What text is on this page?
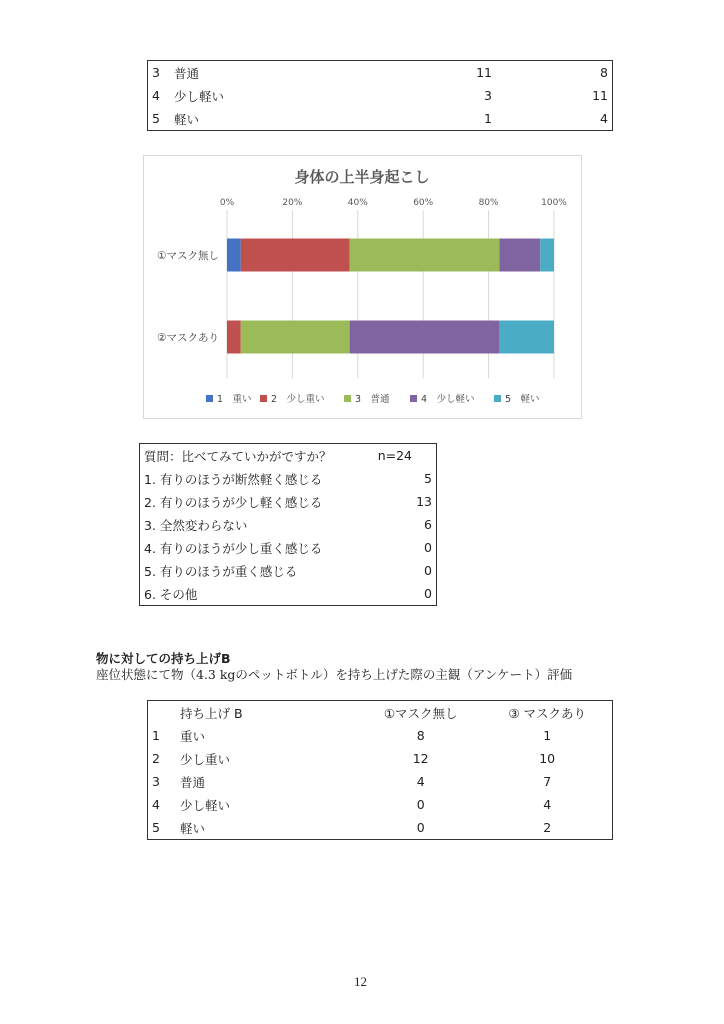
3	普通	11	8
4	少し軽い	3	11
5	軽い	1	4
身体の上半身起こし
0%	20%	40%	60%	80%	100%
①マスク無し
②マスクあり
1　重い 2　少し重い	3　普通	4　少し軽い	5　軽い
質問：比べてみていかがですか？	n=24
1. 有りのほうが断然軽く感じる	5
2. 有りのほうが少し軽く感じる	13
3. 全然変わらない	6
4. 有りのほうが少し重く感じる	0
5. 有りのほうが重く感じる	0
6. その他	0
物に対しての持ち上げB
座位状態にて物（4.3 kgのペットボトル）を持ち上げた際の主観（アンケート）評価
	持ち上げ B	①マスク無し	③ マスクあり
1	重い	8	1
2	少し重い	12	10
3	普通	4	7
4	少し軽い	0	4
5	軽い	0	2
12
